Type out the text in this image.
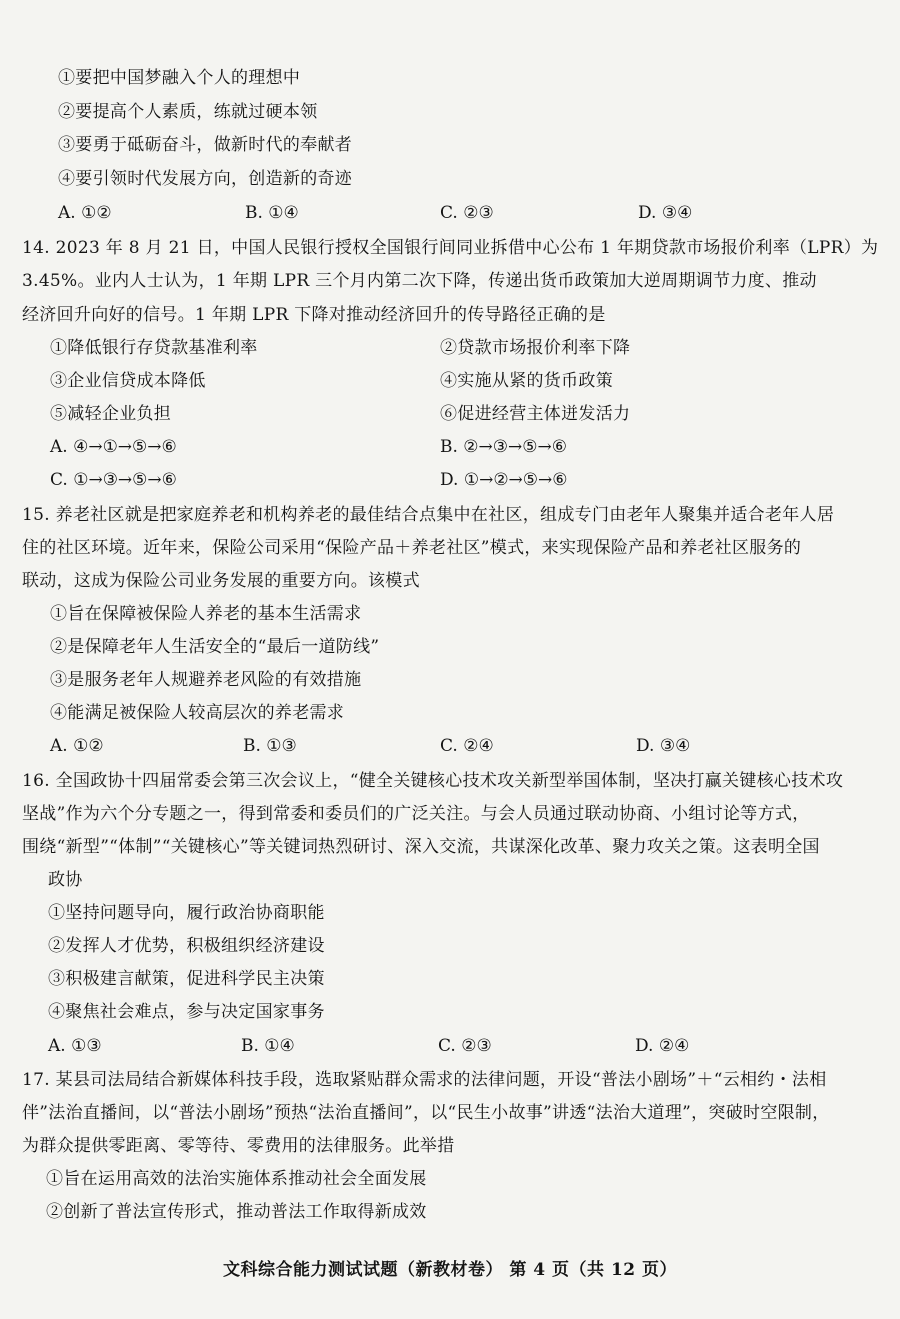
①要把中国梦融入个人的理想中
②要提高个人素质，练就过硬本领
③要勇于砥砺奋斗，做新时代的奉献者
④要引领时代发展方向，创造新的奇迹
A. ①②	B. ①④	C. ②③	D. ③④
14. 2023 年 8 月 21 日，中国人民银行授权全国银行间同业拆借中心公布 1 年期贷款市场报价利率（LPR）为
3.45%。业内人士认为，1 年期 LPR 三个月内第二次下降，传递出货币政策加大逆周期调节力度、推动
经济回升向好的信号。1 年期 LPR 下降对推动经济回升的传导路径正确的是
①降低银行存贷款基准利率	②贷款市场报价利率下降
③企业信贷成本降低	④实施从紧的货币政策
⑤减轻企业负担	⑥促进经营主体迸发活力
A. ④→①→⑤→⑥	B. ②→③→⑤→⑥
C. ①→③→⑤→⑥	D. ①→②→⑤→⑥
15. 养老社区就是把家庭养老和机构养老的最佳结合点集中在社区，组成专门由老年人聚集并适合老年人居
住的社区环境。近年来，保险公司采用“保险产品＋养老社区”模式，来实现保险产品和养老社区服务的
联动，这成为保险公司业务发展的重要方向。该模式
①旨在保障被保险人养老的基本生活需求
②是保障老年人生活安全的“最后一道防线”
③是服务老年人规避养老风险的有效措施
④能满足被保险人较高层次的养老需求
A. ①②	B. ①③	C. ②④	D. ③④
16. 全国政协十四届常委会第三次会议上，“健全关键核心技术攻关新型举国体制，坚决打赢关键核心技术攻
坚战”作为六个分专题之一，得到常委和委员们的广泛关注。与会人员通过联动协商、小组讨论等方式，
围绕“新型”“体制”“关键核心”等关键词热烈研讨、深入交流，共谋深化改革、聚力攻关之策。这表明全国
政协
①坚持问题导向，履行政治协商职能
②发挥人才优势，积极组织经济建设
③积极建言献策，促进科学民主决策
④聚焦社会难点，参与决定国家事务
A. ①③	B. ①④	C. ②③	D. ②④
17. 某县司法局结合新媒体科技手段，选取紧贴群众需求的法律问题，开设“普法小剧场”＋“云相约・法相
伴”法治直播间，以“普法小剧场”预热“法治直播间”，以“民生小故事”讲透“法治大道理”，突破时空限制，
为群众提供零距离、零等待、零费用的法律服务。此举措
①旨在运用高效的法治实施体系推动社会全面发展
②创新了普法宣传形式，推动普法工作取得新成效
文科综合能力测试试题（新教材卷） 第 4 页（共 12 页）
